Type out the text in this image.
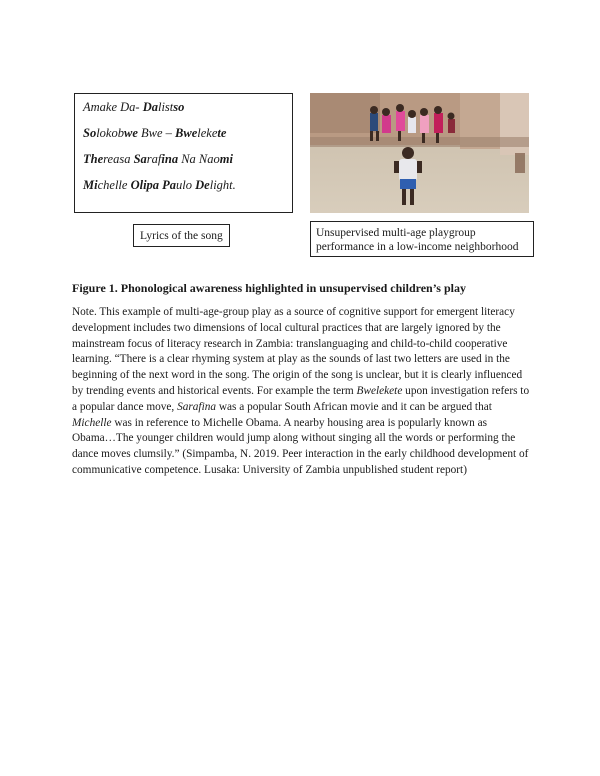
Amake Da- Dalistso

Solokobwe Bwe – Bwelekete

Thereasa Sarafina Na Naomi

Michelle Olipa Paulo Delight.

Lyrics of the song	Unsupervised multi-age playgroup performance in a low-income neighborhood
Figure 1. Phonological awareness highlighted in unsupervised children’s play
Note. This example of multi-age-group play as a source of cognitive support for emergent literacy development includes two dimensions of local cultural practices that are largely ignored by the mainstream focus of literacy research in Zambia: translanguaging and child-to-child cooperative learning. “There is a clear rhyming system at play as the sounds of last two letters are used in the beginning of the next word in the song. The origin of the song is unclear, but it is clearly influenced by trending events and historical events. For example the term Bwelekete upon investigation refers to a popular dance move, Sarafina was a popular South African movie and it can be argued that Michelle was in reference to Michelle Obama. A nearby housing area is popularly known as Obama…The younger children would jump along without singing all the words or performing the dance moves clumsily.” (Simpamba, N. 2019. Peer interaction in the early childhood development of communicative competence. Lusaka: University of Zambia unpublished student report)
